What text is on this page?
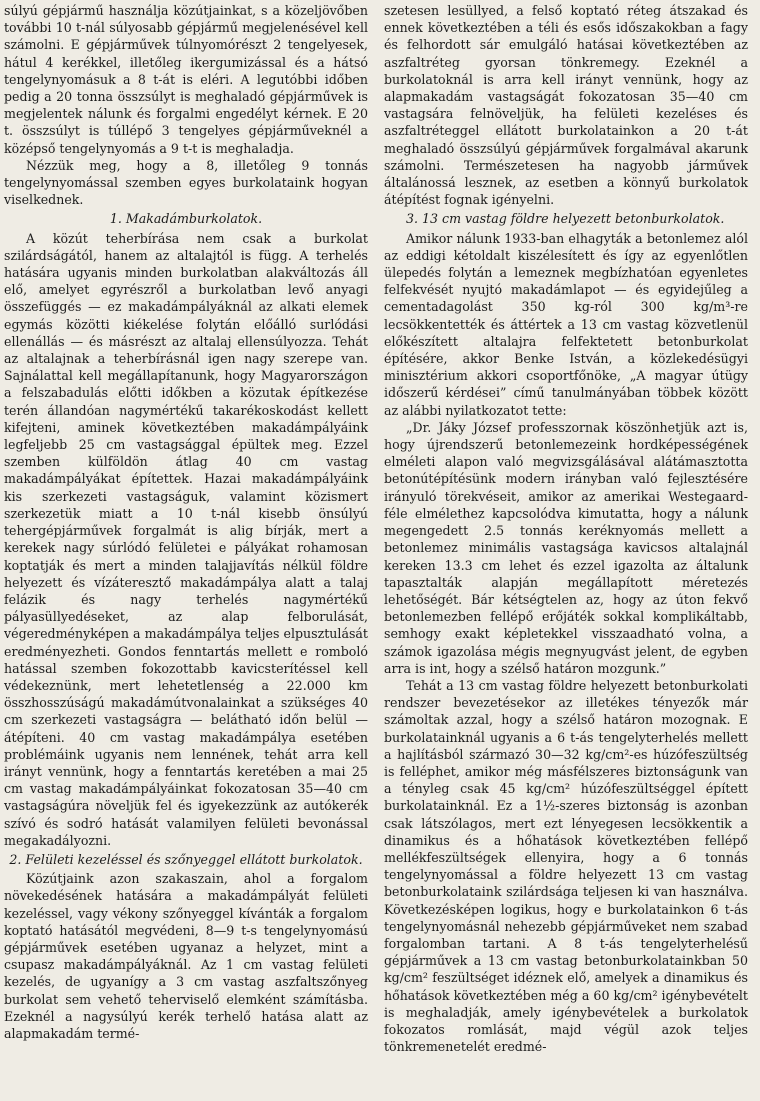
súlyú gépjármű használja közútjainkat, s a közeljövőben további 10 t-nál súlyosabb gépjármű megjelenésével kell számolni. E gépjárművek túlnyomórészt 2 tengelyesek, hátul 4 kerékkel, illetőleg ikergumizással és a hátsó tengelynyomásuk a 8 t-át is eléri. A legutóbbi időben pedig a 20 tonna összsúlyt is meghaladó gépjárművek is megjelentek nálunk és forgalmi engedélyt kérnek. E 20 t. összsúlyt is túllépő 3 tengelyes gépjárműveknél a középső tengelynyomás a 9 t-t is meghaladja.

Nézzük meg, hogy a 8, illetőleg 9 tonnás tengelynyomással szemben egyes burkolataink hogyan viselkednek.

1. Makadámburkolatok.

A közút teherbírása nem csak a burkolat szilárdságától, hanem az altalajtól is függ. A terhelés hatására ugyanis minden burkolatban alakváltozás áll elő, amelyet egyrészről a burkolatban levő anyagi összefüggés — ez makadámpályáknál az alkati elemek egymás közötti kiékelése folytán előálló surlódási ellenállás — és másrészt az altalaj ellensúlyozza. Tehát az altalajnak a teherbírásnál igen nagy szerepe van. Sajnálattal kell megállapítanunk, hogy Magyarországon a felszabadulás előtti időkben a közutak építkezése terén állandóan nagymértékű takarékoskodást kellett kifejteni, aminek következtében makadámpályáink legfeljebb 25 cm vastagsággal épültek meg. Ezzel szemben külföldön átlag 40 cm vastag makadámpályákat építettek. Hazai makadámpályáink kis szerkezeti vastagságuk, valamint közismert szerkezetük miatt a 10 t-nál kisebb önsúlyú tehergépjárművek forgalmát is alig bírják, mert a kerekek nagy súrlódó felületei e pályákat rohamosan koptatják és mert a minden talajjavítás nélkül földre helyezett és vízáteresztő makadámpálya alatt a talaj felázik és nagy terhelés nagymértékű pályasüllyedéseket, az alap felborulását, végeredményképen a makadámpálya teljes elpusztulását eredményezheti. Gondos fenntartás mellett e romboló hatással szemben fokozottabb kavicsterítéssel kell védekeznünk, mert lehetetlenség a 22.000 km összhosszúságú makadámútvonalainkat a szükséges 40 cm szerkezeti vastagságra — belátható időn belül — átépíteni. 40 cm vastag makadámpálya esetében problémáink ugyanis nem lennének, tehát arra kell irányt vennünk, hogy a fenntartás keretében a mai 25 cm vastag makadámpályáinkat fokozatosan 35—40 cm vastagságúra növeljük fel és igyekezzünk az autókerék szívó és sodró hatását valamilyen felületi bevonással megakadályozni.

2. Felületi kezeléssel és szőnyeggel ellátott burkolatok.

Közútjaink azon szakaszain, ahol a forgalom növekedésének hatására a makadámpályát felületi kezeléssel, vagy vékony szőnyeggel kívánták a forgalom koptató hatásától megvédeni, 8—9 t-s tengelynyomású gépjárművek esetében ugyanaz a helyzet, mint a csupasz makadámpályáknál. Az 1 cm vastag felületi kezelés, de ugyanígy a 3 cm vastag aszfaltszőnyeg burkolat sem vehető teherviselő elemként számításba. Ezeknél a nagysúlyú kerék terhelő hatása alatt az alapmakadám termé-

szetesen lesüllyed, a felső koptató réteg átszakad és ennek következtében a téli és esős időszakokban a fagy és felhordott sár emulgáló hatásai következtében az aszfaltréteg gyorsan tönkremegy. Ezeknél a burkolatoknál is arra kell irányt vennünk, hogy az alapmakadám vastagságát fokozatosan 35—40 cm vastagsára felnöveljük, ha felületi kezeléses és aszfaltréteggel ellátott burkolatainkon a 20 t-át meghaladó összsúlyú gépjárművek forgalmával akarunk számolni. Természetesen ha nagyobb járművek általánossá lesznek, az esetben a könnyű burkolatok átépítést fognak igényelni.

3. 13 cm vastag földre helyezett betonburkolatok.

Amikor nálunk 1933-ban elhagyták a betonlemez alól az eddigi kétoldalt kiszélesített és így az egyenlőtlen ülepedés folytán a lemeznek megbízhatóan egyenletes felfekvését nyujtó makadámlapot — és egyidejűleg a cementadagolást 350 kg-ról 300 kg/m³-re lecsökkentették és áttértek a 13 cm vastag közvetlenül előkészített altalajra felfektetett betonburkolat építésére, akkor Benke István, a közlekedésügyi minisztérium akkori csoportfőnöke, „A magyar útügy időszerű kérdései” című tanulmányában többek között az alábbi nyilatkozatot tette:

„Dr. Jáky József professzornak köszönhetjük azt is, hogy újrendszerű betonlemezeink hordképességének elméleti alapon való megvizsgálásával alátámasztotta betonútépítésünk modern irányban való fejlesztésére irányuló törekvéseit, amikor az amerikai Westegaard-féle elmélethez kapcsolódva kimutatta, hogy a nálunk megengedett 2.5 tonnás keréknyomás mellett a betonlemez minimális vastagsága kavicsos altalajnál kereken 13.3 cm lehet és ezzel igazolta az általunk tapasztalták alapján megállapított méretezés lehetőségét. Bár kétségtelen az, hogy az úton fekvő betonlemezben fellépő erőjáték sokkal komplikáltabb, semhogy exakt képletekkel visszaadható volna, a számok igazolása mégis megnyugvást jelent, de egyben arra is int, hogy a szélső határon mozgunk.”

Tehát a 13 cm vastag földre helyezett betonburkolati rendszer bevezetésekor az illetékes tényezők már számoltak azzal, hogy a szélső határon mozognak. E burkolatainknál ugyanis a 6 t-ás tengelyterhelés mellett a hajlításból származó 30—32 kg/cm²-es húzófeszültség is felléphet, amikor még másfélszeres biztonságunk van a tényleg csak 45 kg/cm² húzófeszültséggel épített burkolatainknál. Ez a 1½-szeres biztonság is azonban csak látszólagos, mert ezt lényegesen lecsökkentik a dinamikus és a hőhatások következtében fellépő mellékfeszültségek ellenyira, hogy a 6 tonnás tengelynyomással a földre helyezett 13 cm vastag betonburkolataink szilárdsága teljesen ki van használva. Következésképen logikus, hogy e burkolatainkon 6 t-ás tengelynyomásnál nehezebb gépjárműveket nem szabad forgalomban tartani. A 8 t-ás tengelyterhelésű gépjárművek a 13 cm vastag betonburkolatainkban 50 kg/cm² feszültséget idéznek elő, amelyek a dinamikus és hőhatások következtében még a 60 kg/cm² igénybevételt is meghaladják, amely igénybevételek a burkolatok fokozatos romlását, majd végül azok teljes tönkremenetelét eredmé-
